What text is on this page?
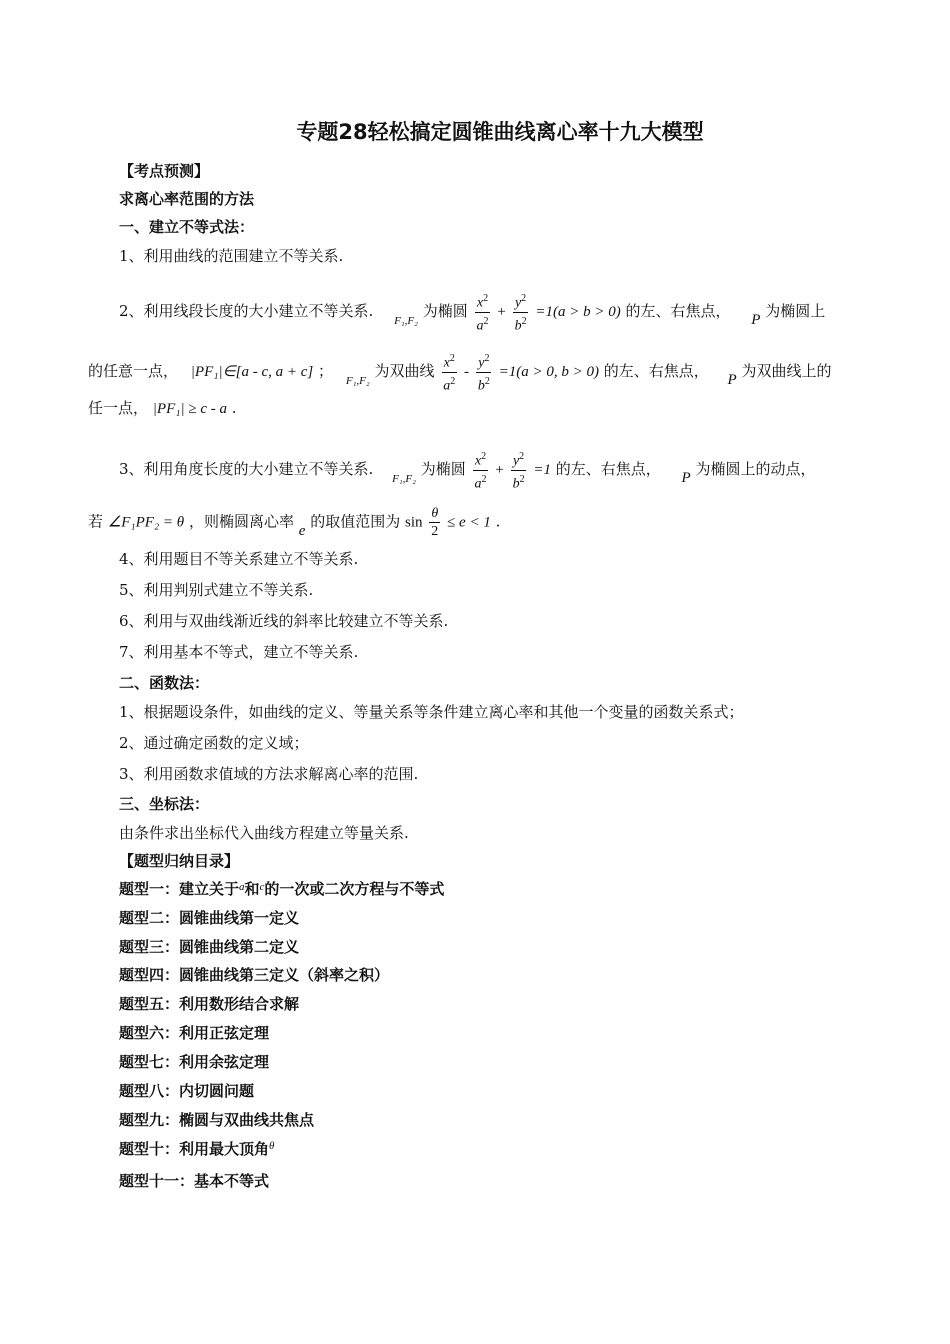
专题28轻松搞定圆锥曲线离心率十九大模型
【考点预测】
求离心率范围的方法
一、建立不等式法：
1、利用曲线的范围建立不等关系.
2、利用线段长度的大小建立不等关系. $_{F_1,F_2}$ 为椭圆 $\frac{x^2}{a^2} + \frac{y^2}{b^2} =1(a > b > 0)$ 的左、右焦点， P 为椭圆上
的任意一点， |PF₁|∈[a - c, a + c] ； $_{F_1,F_2}$ 为双曲线 $\frac{x^2}{a^2} - \frac{y^2}{b^2} =1(a > 0$, b > 0) 的左、右焦点， P 为双曲线上的
任一点， |PF₁| ≥ c - a .
3、利用角度长度的大小建立不等关系. $_{F_1,F_2}$ 为椭圆 $\frac{x^2}{a^2} + \frac{y^2}{b^2} =1$ 的左、右焦点， P 为椭圆上的动点，
若 ∠F₁PF₂ = θ ，则椭圆离心率 e 的取值范围为 $\sin \frac{\theta}{2} \le e < 1$ .
4、利用题目不等关系建立不等关系.
5、利用判别式建立不等关系.
6、利用与双曲线渐近线的斜率比较建立不等关系.
7、利用基本不等式，建立不等关系.
二、函数法：
1、根据题设条件，如曲线的定义、等量关系等条件建立离心率和其他一个变量的函数关系式；
2、通过确定函数的定义域；
3、利用函数求值域的方法求解离心率的范围.
三、坐标法：
由条件求出坐标代入曲线方程建立等量关系.
【题型归纳目录】
题型一：建立关于$^a$和$^c$的一次或二次方程与不等式
题型二：圆锥曲线第一定义
题型三：圆锥曲线第二定义
题型四：圆锥曲线第三定义（斜率之积）
题型五：利用数形结合求解
题型六：利用正弦定理
题型七：利用余弦定理
题型八：内切圆问题
题型九：椭圆与双曲线共焦点
题型十：利用最大顶角$^\theta$
题型十一：基本不等式
